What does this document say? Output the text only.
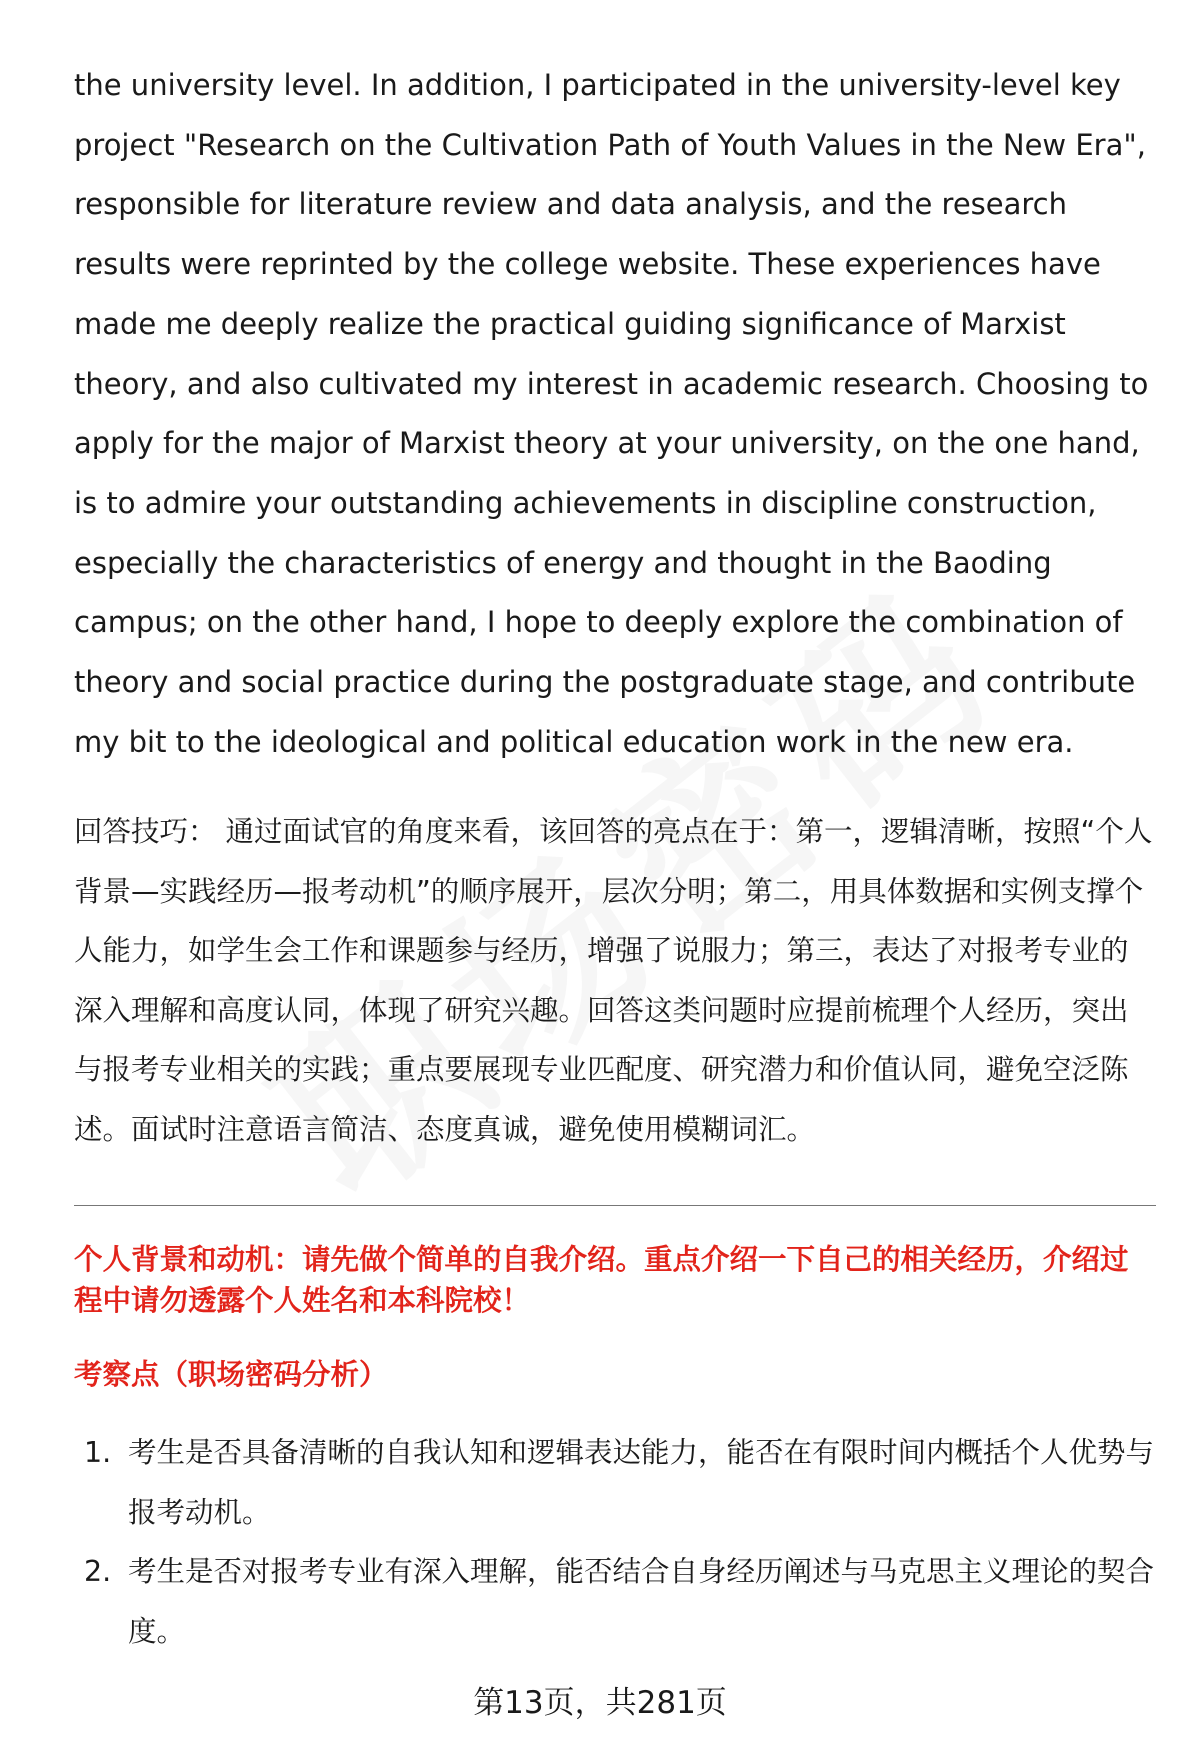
the university level. In addition, I participated in the university-level key project "Research on the Cultivation Path of Youth Values in the New Era", responsible for literature review and data analysis, and the research results were reprinted by the college website. These experiences have made me deeply realize the practical guiding significance of Marxist theory, and also cultivated my interest in academic research. Choosing to apply for the major of Marxist theory at your university, on the one hand, is to admire your outstanding achievements in discipline construction, especially the characteristics of energy and thought in the Baoding campus; on the other hand, I hope to deeply explore the combination of theory and social practice during the postgraduate stage, and contribute my bit to the ideological and political education work in the new era.

回答技巧： 通过面试官的角度来看，该回答的亮点在于：第一，逻辑清晰，按照“个人背景—实践经历—报考动机”的顺序展开，层次分明；第二，用具体数据和实例支撑个人能力，如学生会工作和课题参与经历，增强了说服力；第三，表达了对报考专业的深入理解和高度认同，体现了研究兴趣。回答这类问题时应提前梳理个人经历，突出与报考专业相关的实践；重点要展现专业匹配度、研究潜力和价值认同，避免空泛陈述。面试时注意语言简洁、态度真诚，避免使用模糊词汇。

个人背景和动机：请先做个简单的自我介绍。重点介绍一下自己的相关经历，介绍过程中请勿透露个人姓名和本科院校！

考察点（职场密码分析）

1. 考生是否具备清晰的自我认知和逻辑表达能力，能否在有限时间内概括个人优势与报考动机。
2. 考生是否对报考专业有深入理解，能否结合自身经历阐述与马克思主义理论的契合度。
第13页，共281页
